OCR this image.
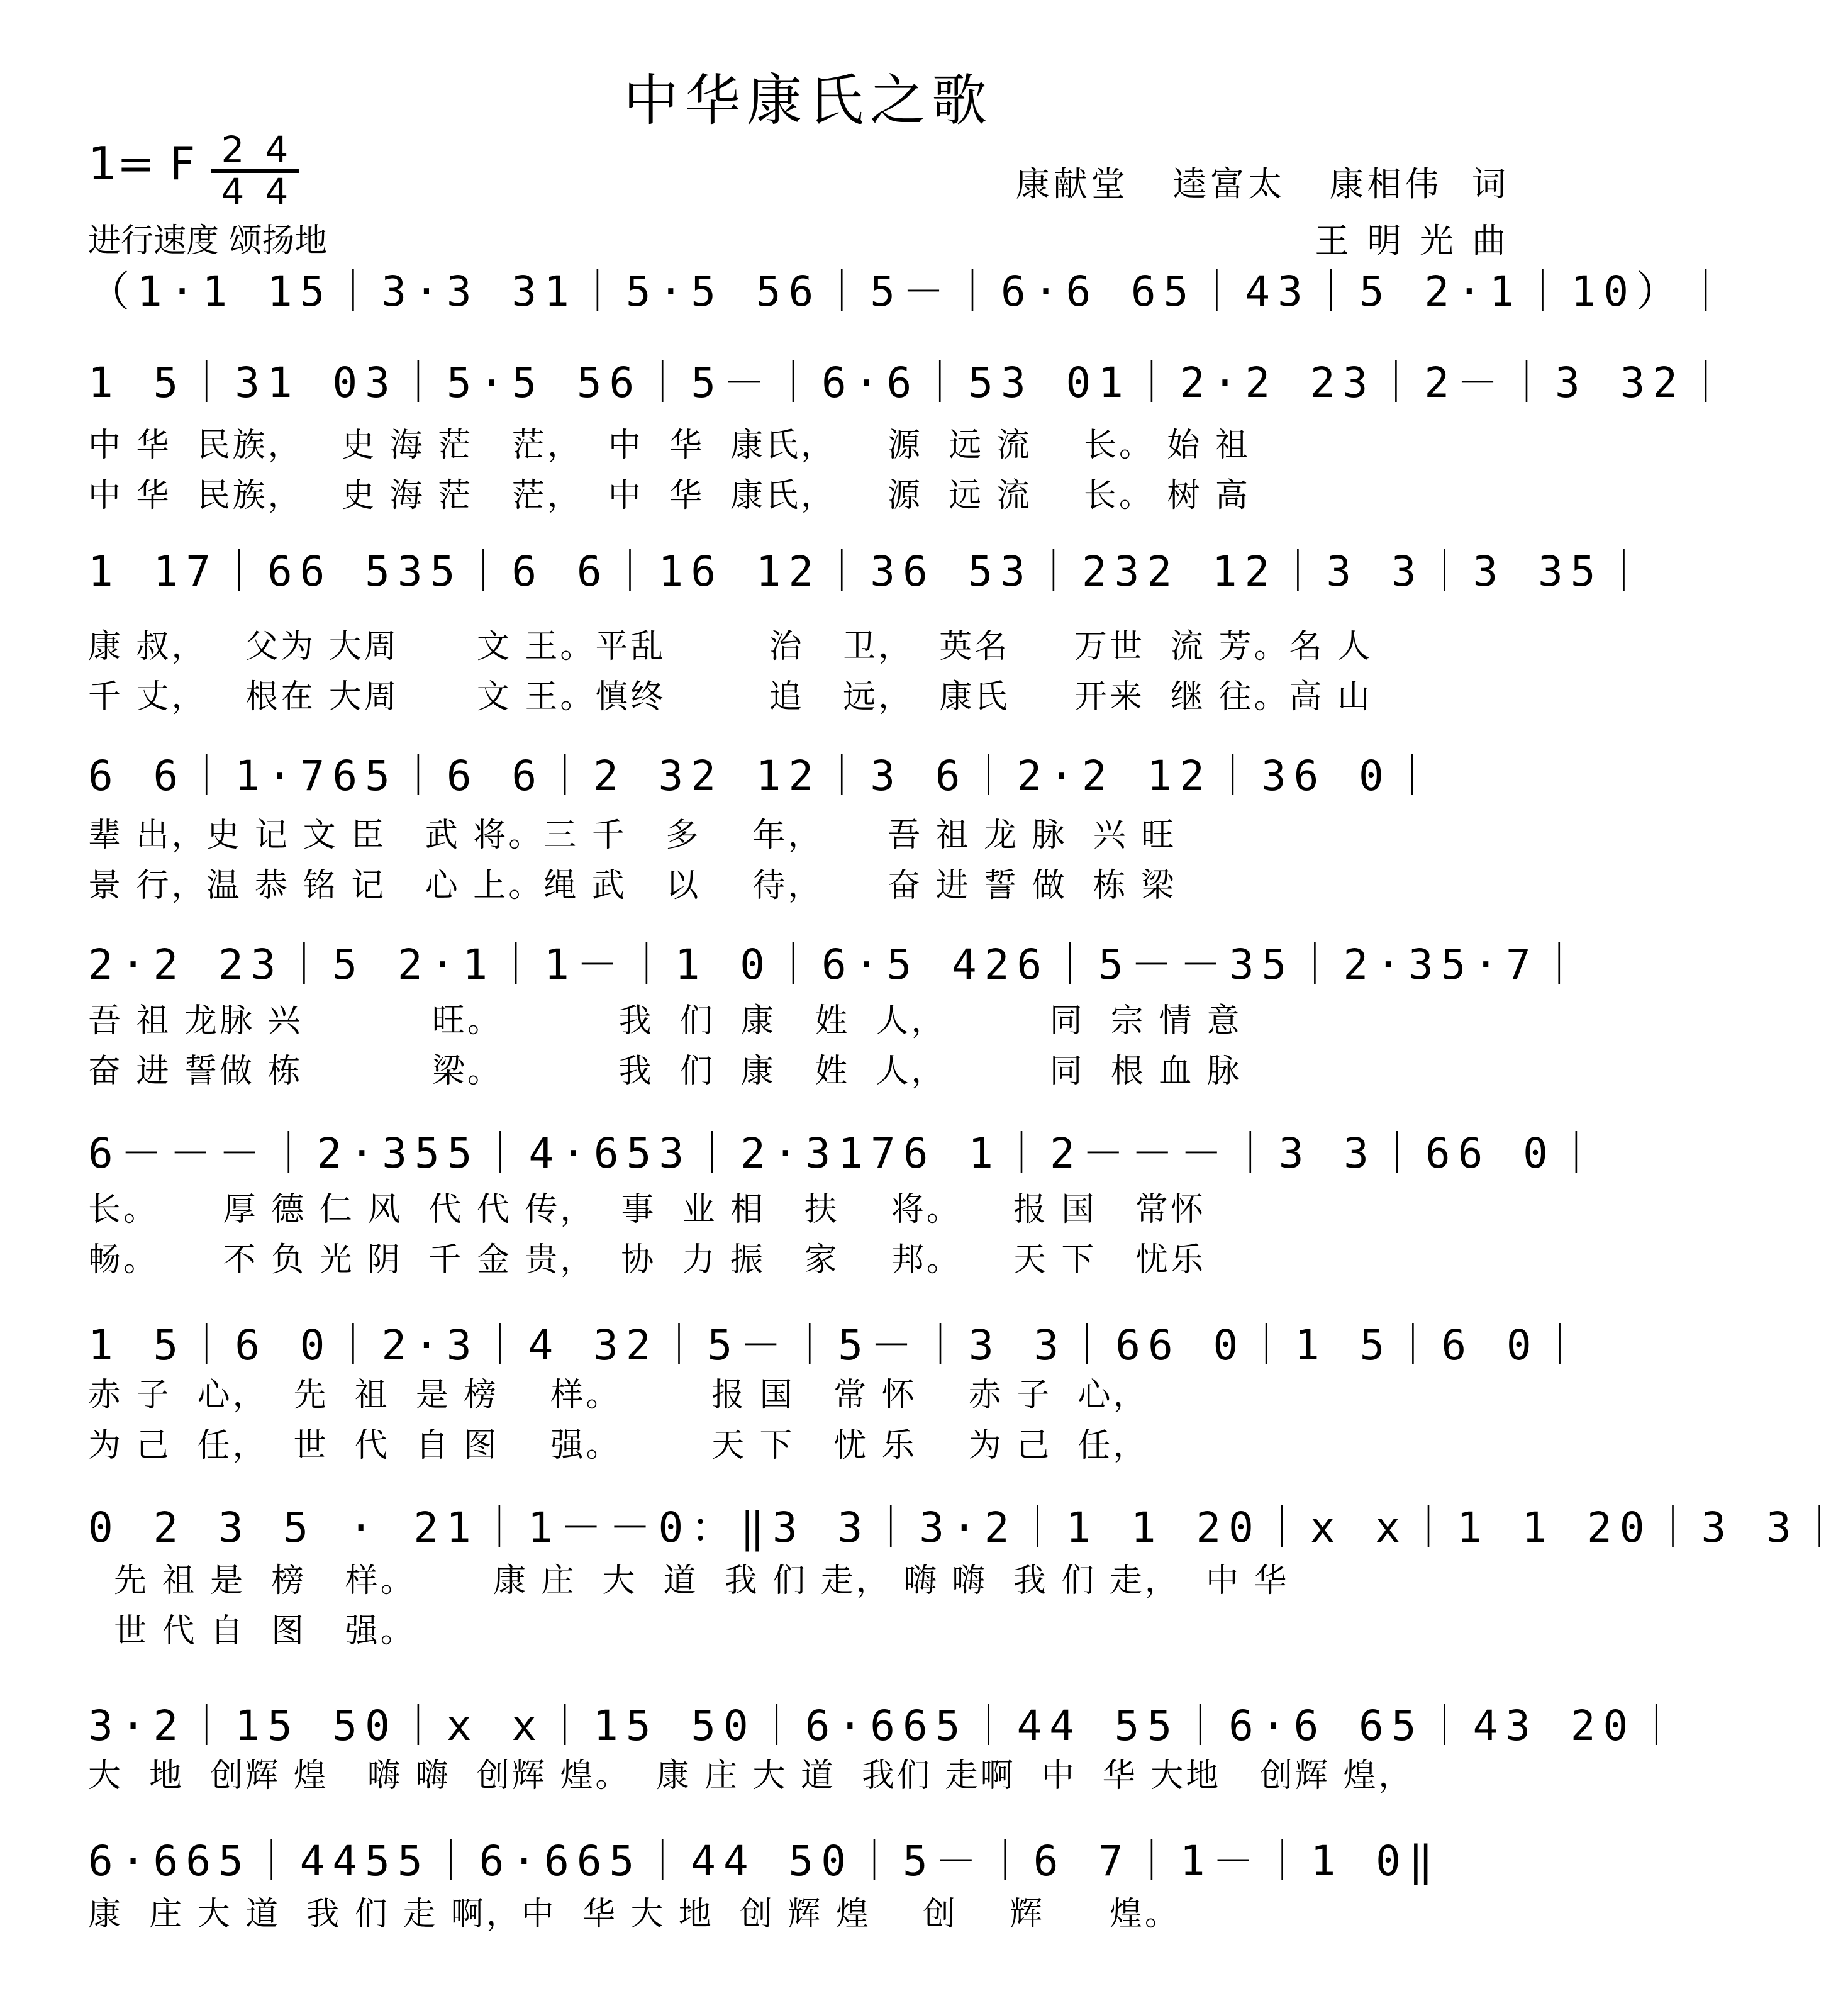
中华康氏之歌
1= F $\frac{2}{4} \frac{4}{4}$
进行速度 颂扬地
康献堂   逵富太   康相伟  词
王 明 光 曲
（1·1 15｜3·3 31｜5·5 56｜5－｜6·6 65｜43｜5 2·1｜10）｜
1 5｜31 03｜5·5 56｜5－｜6·6｜53 01｜2·2 23｜2－｜3 32｜
中 华  民族，   史 海 茫   茫，  中  华  康氏，    源  远 流    长。 始 祖
中 华  民族，   史 海 茫   茫，  中  华  康氏，    源  远 流    长。 树 高
1 17｜66 535｜6 6｜16 12｜36 53｜232 12｜3 3｜3 35｜
康 叔，   父为 大周      文 王。平乱        治   卫，  英名     万世  流 芳。名 人
千 丈，   根在 大周      文 王。慎终        追   远，  康氏     开来  继 往。高 山
6 6｜1·765｜6 6｜2 32 12｜3 6｜2·2 12｜36 0｜
辈 出，史 记 文 臣   武 将。三 千   多    年，     吾 祖 龙 脉  兴 旺
景 行，温 恭 铭 记   心 上。绳 武   以    待，     奋 进 誓 做  栋 梁
2·2 23｜5 2·1｜1－｜1 0｜6·5 426｜5－－35｜2·35·7｜
吾 祖 龙脉 兴          旺。         我  们  康   姓  人，        同  宗 情 意
奋 进 誓做 栋          梁。         我  们  康   姓  人，        同  根 血 脉
6－－－｜2·355｜4·653｜2·3176 1｜2－－－｜3 3｜66 0｜
长。     厚 德 仁 风  代 代 传，  事  业 相   扶    将。    报 国   常怀
畅。     不 负 光 阴  千 金 贵，  协  力 振   家    邦。    天 下   忧乐
1 5｜6 0｜2·3｜4 32｜5－｜5－｜3 3｜66 0｜1 5｜6 0｜
赤 子  心，  先  祖  是 榜    样。       报 国   常 怀    赤 子  心，
为 己  任，  世  代  自 图    强。       天 下   忧 乐    为 己  任，
0 2 3 5 · 21｜1－－0：‖3 3｜3·2｜1 1 20｜x x｜1 1 20｜3 3｜
先 祖 是  榜   样。      康 庄  大  道  我 们 走， 嗨 嗨  我 们 走，  中 华
世 代 自  图   强。
3·2｜15 50｜x x｜15 50｜6·665｜44 55｜6·6 65｜43 20｜
大  地  创辉 煌   嗨 嗨  创辉 煌。  康 庄 大 道  我们 走啊  中  华 大地   创辉 煌，
6·665｜4455｜6·665｜44 50｜5－｜6 7｜1－｜1 0‖
康  庄 大 道  我 们 走 啊，中  华 大 地  创 辉 煌    创    辉     煌。
